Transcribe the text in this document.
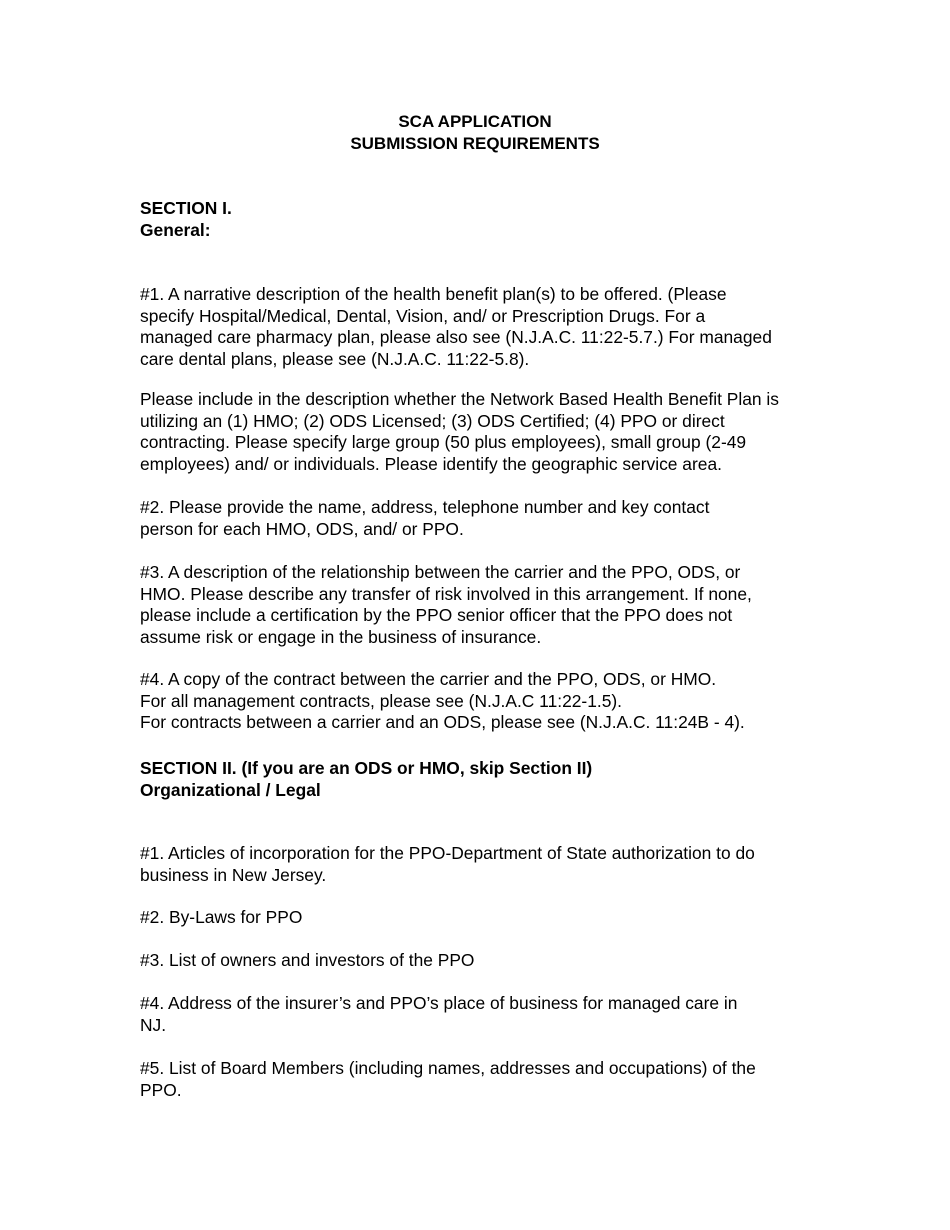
SCA APPLICATION
SUBMISSION REQUIREMENTS
SECTION I.
General:
#1. A narrative description of the health benefit plan(s) to be offered. (Please
specify Hospital/Medical, Dental, Vision, and/ or Prescription Drugs. For a
managed care pharmacy plan, please also see (N.J.A.C. 11:22-5.7.) For managed
care dental plans, please see (N.J.A.C. 11:22-5.8).
Please include in the description whether the Network Based Health Benefit Plan is
utilizing an (1) HMO; (2) ODS Licensed; (3) ODS Certified; (4) PPO or direct
contracting. Please specify large group (50 plus employees), small group (2-49
employees) and/ or individuals. Please identify the geographic service area.
#2. Please provide the name, address, telephone number and key contact
person for each HMO, ODS, and/ or PPO.
#3. A description of the relationship between the carrier and the PPO, ODS, or
HMO. Please describe any transfer of risk involved in this arrangement. If none,
please include a certification by the PPO senior officer that the PPO does not
assume risk or engage in the business of insurance.
#4. A copy of the contract between the carrier and the PPO, ODS, or HMO.
For all management contracts, please see (N.J.A.C 11:22-1.5).
For contracts between a carrier and an ODS, please see (N.J.A.C. 11:24B - 4).
SECTION II. (If you are an ODS or HMO, skip Section II)
Organizational / Legal
#1. Articles of incorporation for the PPO-Department of State authorization to do
business in New Jersey.
#2. By-Laws for PPO
#3. List of owners and investors of the PPO
#4. Address of the insurer’s and PPO’s place of business for managed care in
NJ.
#5. List of Board Members (including names, addresses and occupations) of the
PPO.
